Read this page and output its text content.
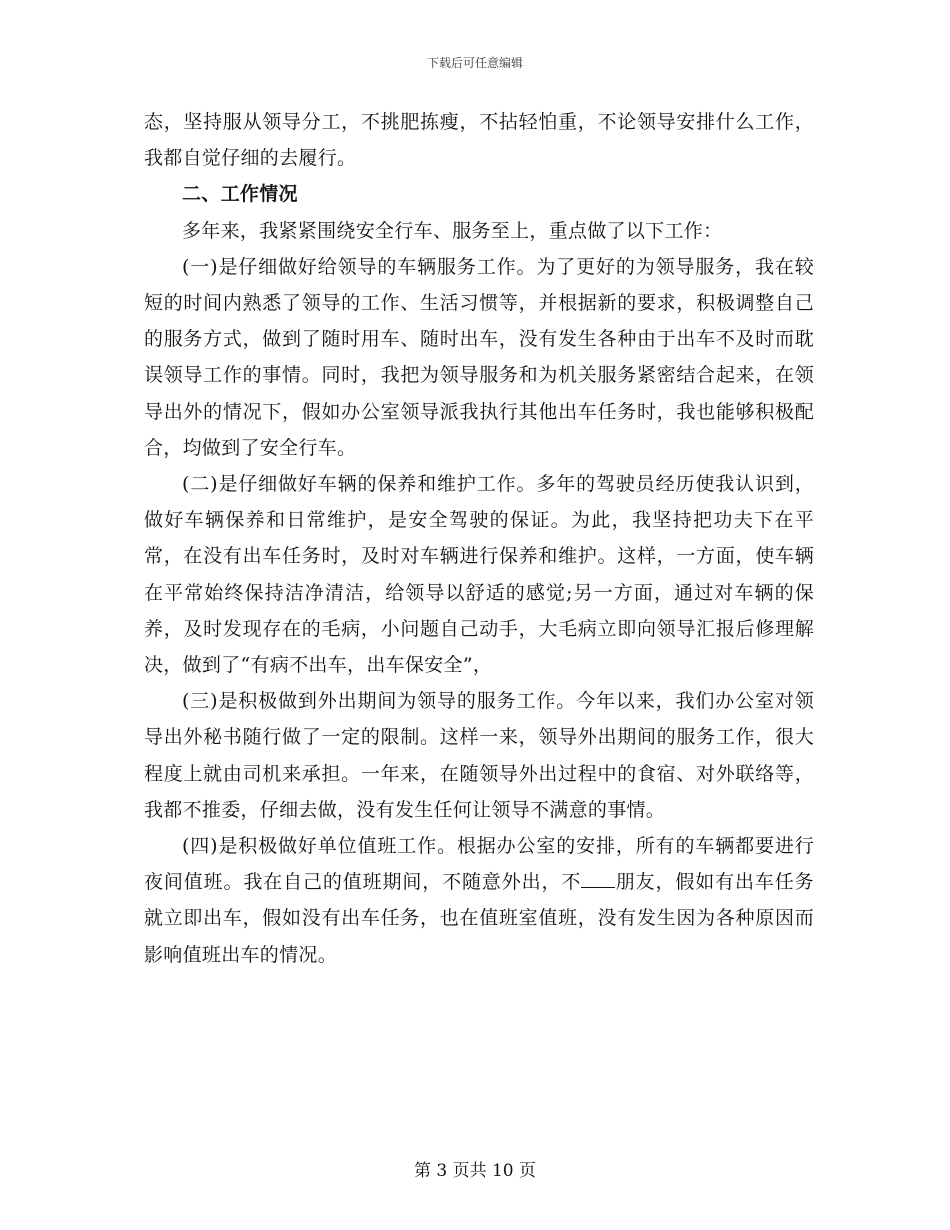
下载后可任意编辑

态，坚持服从领导分工，不挑肥拣瘦，不拈轻怕重，不论领导安排什么工作，我都自觉仔细的去履行。

二、工作情况

多年来，我紧紧围绕安全行车、服务至上，重点做了以下工作：

(一)是仔细做好给领导的车辆服务工作。为了更好的为领导服务，我在较短的时间内熟悉了领导的工作、生活习惯等，并根据新的要求，积极调整自己的服务方式，做到了随时用车、随时出车，没有发生各种由于出车不及时而耽误领导工作的事情。同时，我把为领导服务和为机关服务紧密结合起来，在领导出外的情况下，假如办公室领导派我执行其他出车任务时，我也能够积极配合，均做到了安全行车。

(二)是仔细做好车辆的保养和维护工作。多年的驾驶员经历使我认识到，做好车辆保养和日常维护，是安全驾驶的保证。为此，我坚持把功夫下在平常，在没有出车任务时，及时对车辆进行保养和维护。这样，一方面，使车辆在平常始终保持洁净清洁，给领导以舒适的感觉;另一方面，通过对车辆的保养，及时发现存在的毛病，小问题自己动手，大毛病立即向领导汇报后修理解决，做到了“有病不出车，出车保安全”，

(三)是积极做到外出期间为领导的服务工作。今年以来，我们办公室对领导出外秘书随行做了一定的限制。这样一来，领导外出期间的服务工作，很大程度上就由司机来承担。一年来，在随领导外出过程中的食宿、对外联络等，我都不推委，仔细去做，没有发生任何让领导不满意的事情。

(四)是积极做好单位值班工作。根据办公室的安排，所有的车辆都要进行夜间值班。我在自己的值班期间，不随意外出，不 朋友，假如有出车任务就立即出车，假如没有出车任务，也在值班室值班，没有发生因为各种原因而影响值班出车的情况。

第 3 页共 10 页
